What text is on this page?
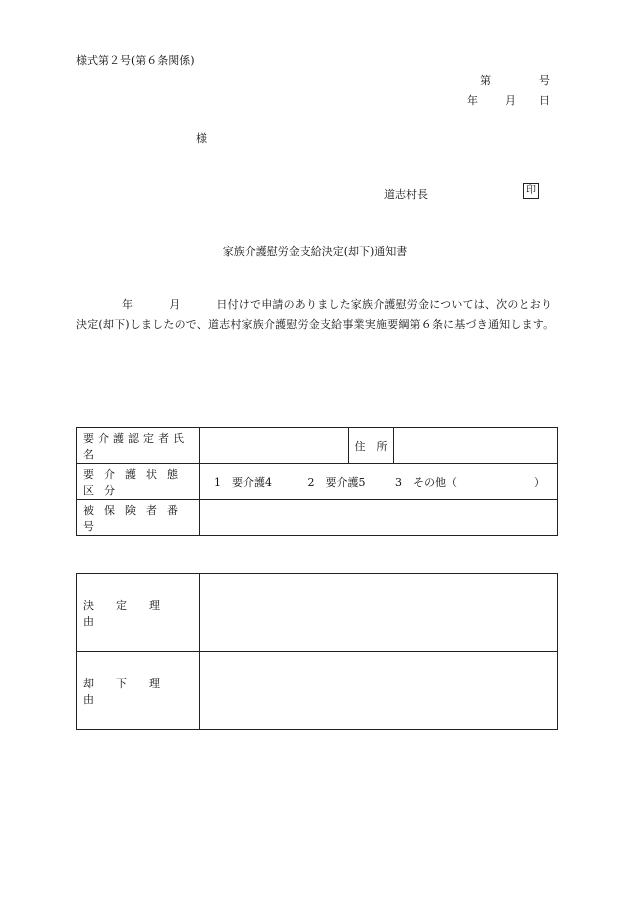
様式第２号(第６条関係)
第	号
年 月 日
様
道志村長	印
家族介護慰労金支給決定(却下)通知書
年	月	日付けで申請のありました家族介護慰労金については、次のとおり決定(却下)しましたので、道志村家族介護慰労金支給事業実施要綱第６条に基づき通知します。
要介護認定者氏名		住　所	
要介護状態区分	1　要介護4 2　要介護5 3　その他（　　　　　　　）		
被保険者番号			
決定理由	
却下理由	
